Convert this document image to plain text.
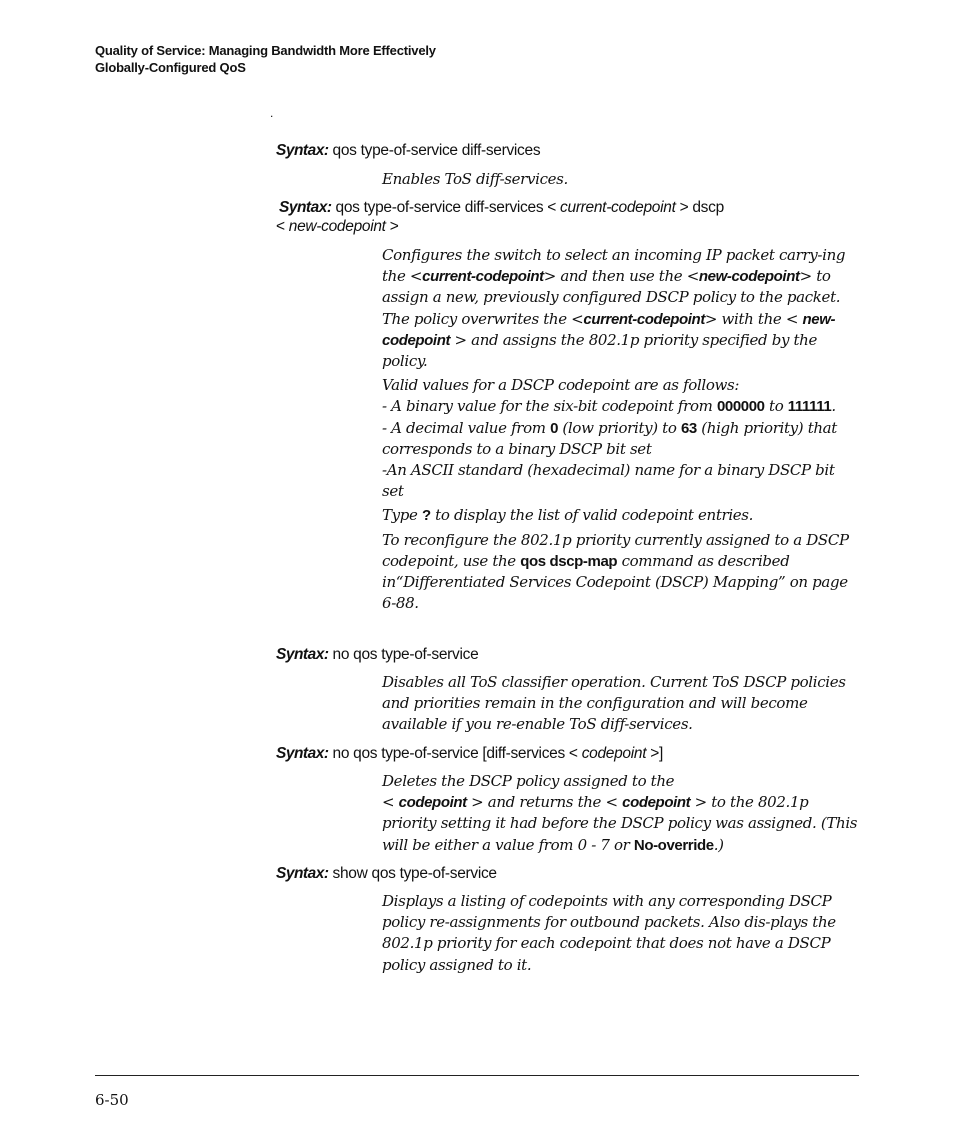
Quality of Service: Managing Bandwidth More Effectively
Globally-Configured QoS
.
Syntax: qos type-of-service diff-services

Enables ToS diff-services.

Syntax: qos type-of-service diff-services < current-codepoint > dscp
< new-codepoint >

Configures the switch to select an incoming IP packet carry-ing the <current-codepoint> and then use the <new-codepoint> to assign a new, previously configured DSCP policy to the packet. The policy overwrites the <current-codepoint> with the < new-codepoint > and assigns the 802.1p priority specified by the policy.

Valid values for a DSCP codepoint are as follows:

- A binary value for the six-bit codepoint from 000000 to 111111.

- A decimal value from 0 (low priority) to 63 (high priority) that corresponds to a binary DSCP bit set

-An ASCII standard (hexadecimal) name for a binary DSCP bit set

Type ? to display the list of valid codepoint entries.

To reconfigure the 802.1p priority currently assigned to a DSCP codepoint, use the qos dscp-map command as described in“Differentiated Services Codepoint (DSCP) Mapping” on page 6-88.

Syntax: no qos type-of-service

Disables all ToS classifier operation. Current ToS DSCP policies and priorities remain in the configuration and will become available if you re-enable ToS diff-services.

Syntax: no qos type-of-service [diff-services < codepoint >]

Deletes the DSCP policy assigned to the
< codepoint > and returns the < codepoint > to the 802.1p priority setting it had before the DSCP policy was assigned. (This will be either a value from 0 - 7 or No-override.)

Syntax: show qos type-of-service

Displays a listing of codepoints with any corresponding DSCP policy re-assignments for outbound packets. Also dis-plays the 802.1p priority for each codepoint that does not have a DSCP policy assigned to it.

6-50
